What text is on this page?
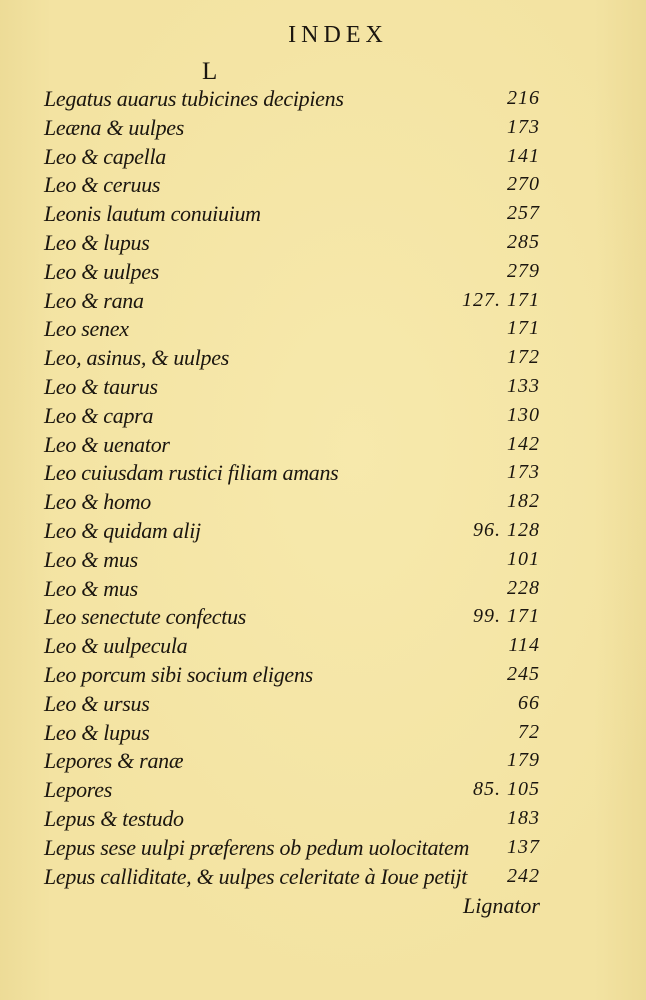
INDEX
L
Legatus auarus tubicines decipiens	216
Leæna & uulpes	173
Leo & capella	141
Leo & ceruus	270
Leonis lautum conuiuium	257
Leo & lupus	285
Leo & uulpes	279
Leo & rana	127. 171
Leo senex	171
Leo, asinus, & uulpes	172
Leo & taurus	133
Leo & capra	130
Leo & uenator	142
Leo cuiusdam rustici filiam amans	173
Leo & homo	182
Leo & quidam alij	96. 128
Leo & mus	101
Leo & mus	228
Leo senectute confectus	99. 171
Leo & uulpecula	114
Leo porcum sibi socium eligens	245
Leo & ursus	66
Leo & lupus	72
Lepores & ranæ	179
Lepores	85. 105
Lepus & testudo	183
Lepus sese uulpi præferens ob pedum uolocitatem 137
Lepus calliditate, & uulpes celeritate à Ioue petijt 242
Lignator
